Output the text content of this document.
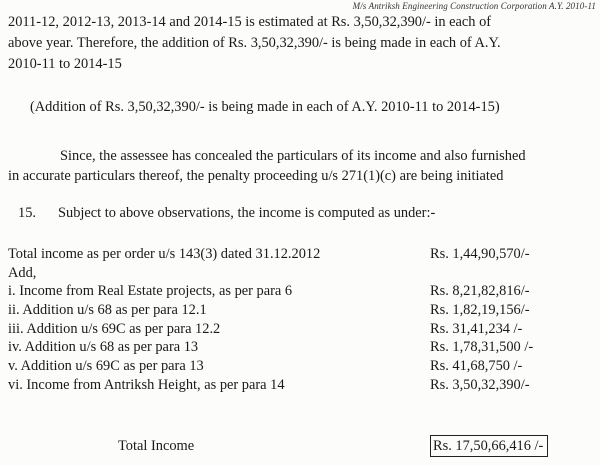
M/s Antriksh Engineering Construction Corporation A.Y. 2010-11
2011-12, 2012-13, 2013-14 and 2014-15 is estimated at Rs. 3,50,32,390/- in each of
above year. Therefore, the addition of Rs. 3,50,32,390/- is being made in each of A.Y.
2010-11 to 2014-15
(Addition of Rs. 3,50,32,390/- is being made in each of A.Y. 2010-11 to 2014-15)
Since, the assessee has concealed the particulars of its income and also furnished
in accurate particulars thereof, the penalty proceeding u/s 271(1)(c) are being initiated
15. Subject to above observations, the income is computed as under:-
Total income as per order u/s 143(3) dated 31.12.2012	Rs. 1,44,90,570/-
Add,
i. Income from Real Estate projects, as per para 6	Rs. 8,21,82,816/-
ii. Addition u/s 68 as per para 12.1	Rs. 1,82,19,156/-
iii. Addition u/s 69C as per para 12.2	Rs. 31,41,234 /-
iv. Addition u/s 68 as per para 13	Rs. 1,78,31,500 /-
v. Addition u/s 69C as per para 13	Rs. 41,68,750 /-
vi. Income from Antriksh Height, as per para 14	Rs. 3,50,32,390/-
Total Income	Rs. 17,50,66,416 /-
